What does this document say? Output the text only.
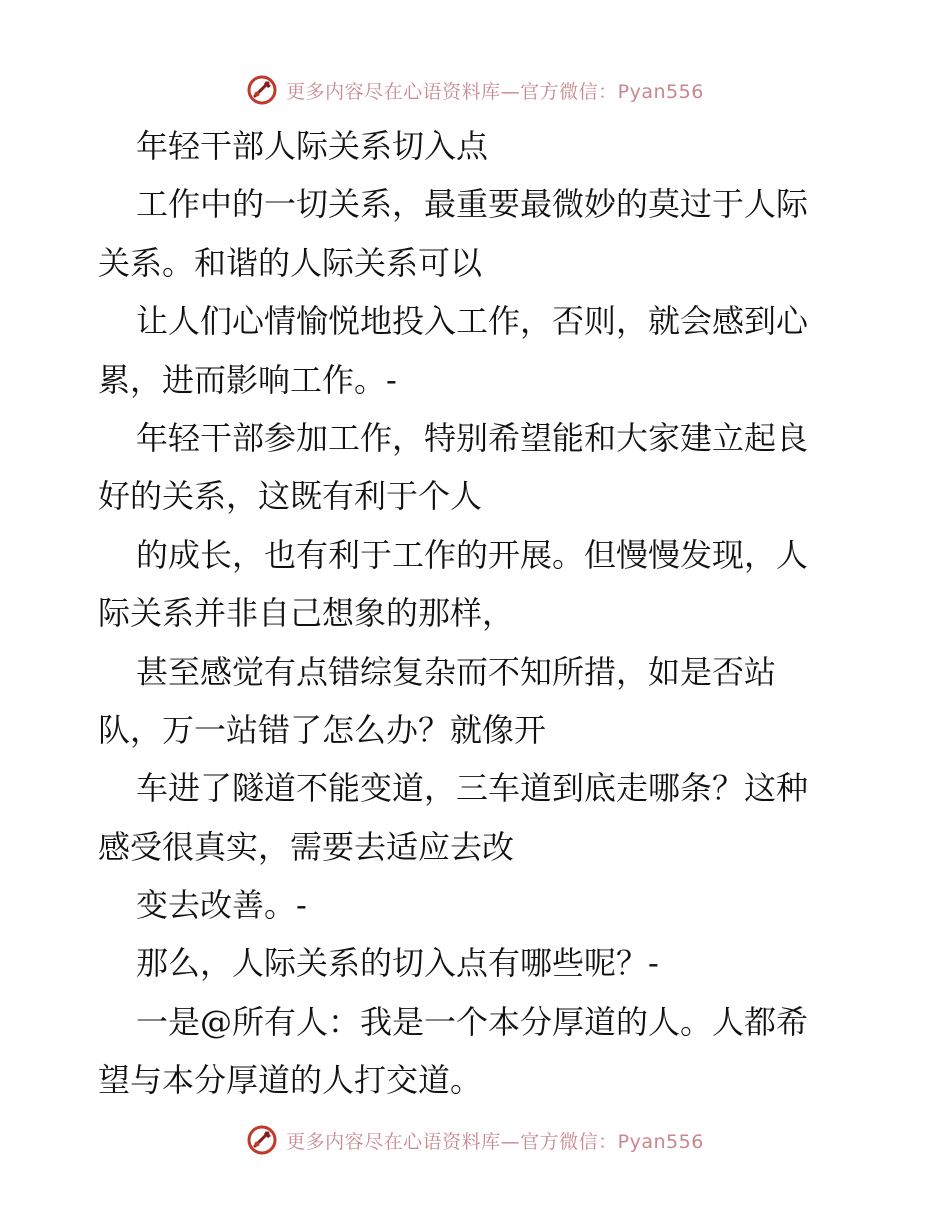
更多内容尽在心语资料库—官方微信：Pyan556
年轻干部人际关系切入点
工作中的一切关系，最重要最微妙的莫过于人际
关系。和谐的人际关系可以
让人们心情愉悦地投入工作，否则，就会感到心
累，进而影响工作。-
年轻干部参加工作，特别希望能和大家建立起良
好的关系，这既有利于个人
的成长，也有利于工作的开展。但慢慢发现，人
际关系并非自己想象的那样，
甚至感觉有点错综复杂而不知所措，如是否站
队，万一站错了怎么办？就像开
车进了隧道不能变道，三车道到底走哪条？这种
感受很真实，需要去适应去改
变去改善。-
那么，人际关系的切入点有哪些呢？-
一是@所有人：我是一个本分厚道的人。人都希
望与本分厚道的人打交道。
更多内容尽在心语资料库—官方微信：Pyan556
